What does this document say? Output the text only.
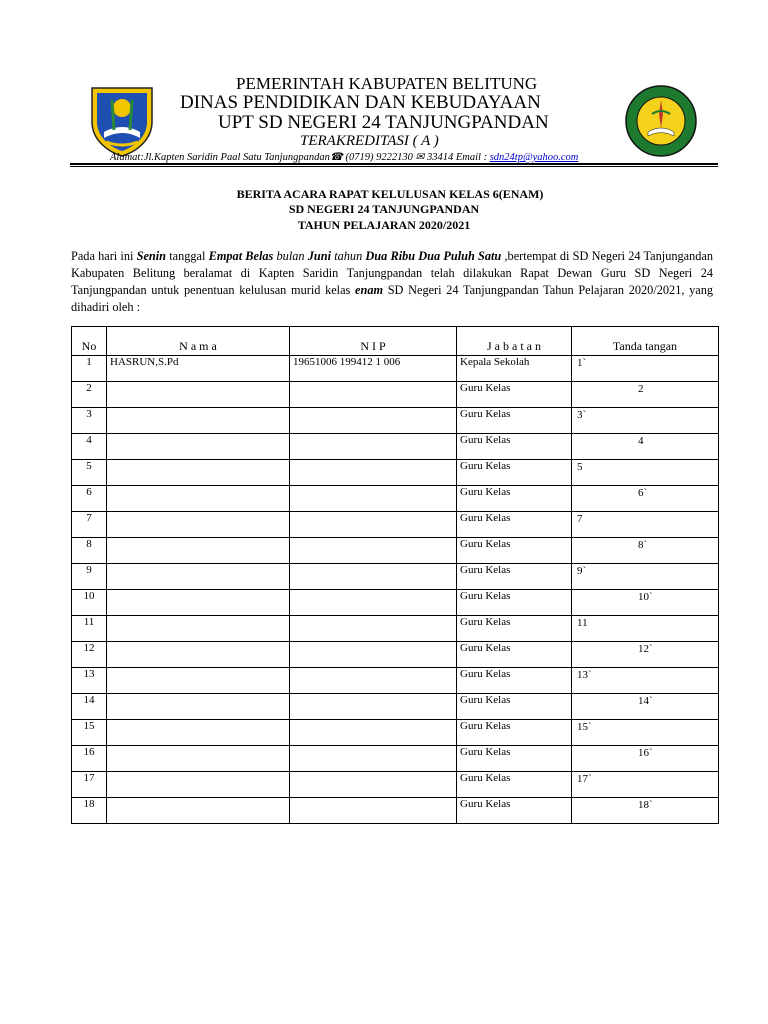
PEMERINTAH KABUPATEN BELITUNG
DINAS PENDIDIKAN DAN KEBUDAYAAN
UPT SD NEGERI 24 TANJUNGPANDAN
TERAKREDITASI ( A )
Alamat:Jl.Kapten Saridin Paal Satu Tanjungpandan☎ (0719) 9222130 ✉ 33414 Email : sdn24tp@yahoo.com
BERITA ACARA RAPAT KELULUSAN KELAS 6(ENAM)
SD NEGERI 24 TANJUNGPANDAN
TAHUN PELAJARAN 2020/2021
Pada hari ini Senin tanggal Empat Belas bulan Juni tahun Dua Ribu Dua Puluh Satu ,bertempat di SD Negeri 24 Tanjungandan Kabupaten Belitung beralamat di Kapten Saridin Tanjungpandan telah dilakukan Rapat Dewan Guru SD Negeri 24 Tanjungpandan untuk penentuan kelulusan murid kelas enam SD Negeri 24 Tanjungpandan Tahun Pelajaran 2020/2021, yang dihadiri oleh :
No	N a m a	N I P	J a b a t a n	Tanda tangan
1	HASRUN,S.Pd	19651006 199412 1 006	Kepala Sekolah	1`

2			Guru Kelas	2

3			Guru Kelas	3`

4			Guru Kelas	4

5			Guru Kelas	5

6			Guru Kelas	6`

7			Guru Kelas	7

8			Guru Kelas	8`

9			Guru Kelas	9`

10			Guru Kelas	10`

11			Guru Kelas	11

12			Guru Kelas	12`

13			Guru Kelas	13`

14			Guru Kelas	14`

15			Guru Kelas	15`

16			Guru Kelas	16`

17			Guru Kelas	17`

18			Guru Kelas	18`
